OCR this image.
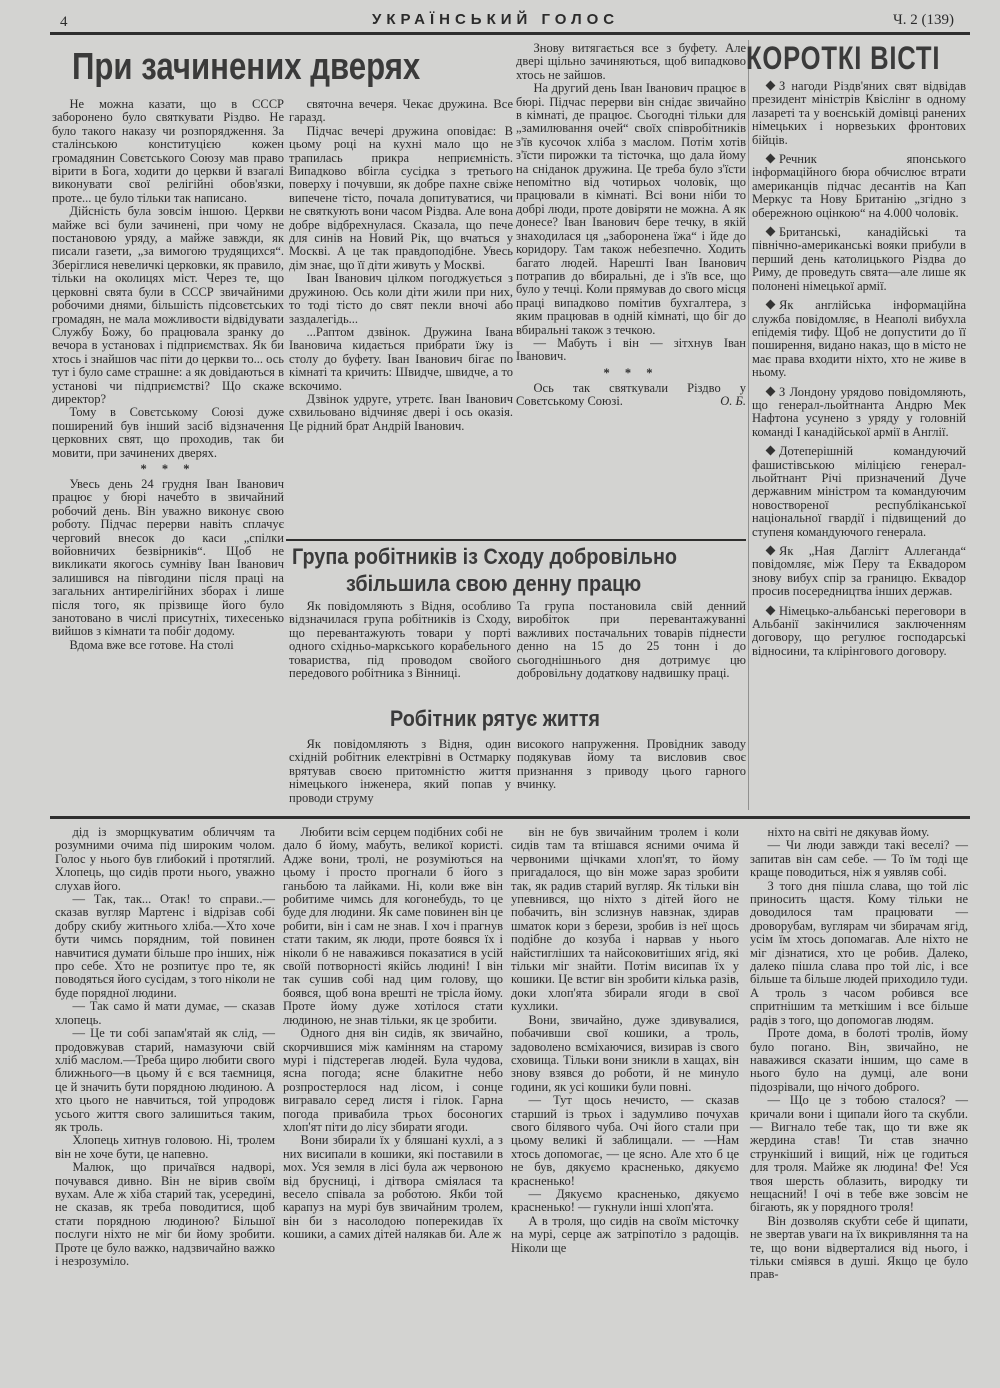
4	УКРАЇНСЬКИЙ ГОЛОС	Ч. 2 (139)
При зачинених дверях

Не можна казати, що в СССР заборонено було святкувати Різдво. Не було такого наказу чи розпорядження. За сталінською конституцією кожен громадянин Совєтського Союзу мав право вірити в Бога, ходити до церкви й взагалі виконувати свої релігійні обов'язки, проте... це було тільки так написано.

Дійсність була зовсім іншою. Церкви майже всі були зачинені, при чому не постановою уряду, а майже завжди, як писали газети, „за вимогою трудящихся“. Зберіглися невеличкі церковки, як правило, тільки на околицях міст. Через те, що церковні свята були в СССР звичайними робочими днями, більшість підсовєтських громадян, не мала можливости відвідувати Службу Божу, бо працювала зранку до вечора в установах і підприємствах. Як би хтось і знайшов час піти до церкви то... ось тут і було саме страшне: а як довідаються в установі чи підприємстві? Що скаже директор?

Тому в Совєтському Союзі дуже поширений був інший засіб відзначення церковних свят, що проходив, так би мовити, при зачинених дверях.

* * *

Увесь день 24 грудня Іван Іванович працює у бюрі начебто в звичайний робочий день. Він уважно виконує свою роботу. Підчас перерви навіть сплачує черговий внесок до каси „спілки войовничих безвірників“. Щоб не викликати якогось сумніву Іван Іванович залишився на півгодини після праці на загальних антирелігійних зборах і лише після того, як прізвище його було занотовано в числі присутніх, тихесенько вийшов з кімнати та побіг додому.

Вдома вже все готове. На столі

святочна вечеря. Чекає дружина. Все гаразд.

Підчас вечері дружина оповідає: В цьому році на кухні мало що не трапилась прикра неприємність. Випадково вбігла сусідка з третього поверху і почувши, як добре пахне свіже випечене тісто, почала допитуватися, чи не святкують вони часом Різдва. Але вона добре відбрехнулася. Сказала, що пече для синів на Новий Рік, що вчаться у Москві. А це так правдоподібне. Увесь дім знає, що її діти живуть у Москві.

Іван Іванович цілком погоджується з дружиною. Ось коли діти жили при них, то тоді тісто до свят пекли вночі або заздалегідь...

...Раптом дзвінок. Дружина Івана Івановича кидається прибрати їжу із столу до буфету. Іван Іванович бігає по кімнаті та кричить: Швидче, швидче, а то вскочимо.

Дзвінок удруге, утретє. Іван Іванович схвильовано відчиняє двері і ось оказія. Це рідний брат Андрій Іванович.

Знову витягається все з буфету. Але двері щільно зачиняються, щоб випадково хтось не зайшов.

На другий день Іван Іванович працює в бюрі. Підчас перерви він снідає звичайно в кімнаті, де працює. Сьогодні тільки для „замилювання очей“ своїх співробітників з'їв кусочок хліба з маслом. Потім хотів з'їсти пирожки та тісточка, що дала йому на сніданок дружина. Це треба було з'їсти непомітно від чотирьох чоловік, що працювали в кімнаті. Всі вони ніби то добрі люди, проте довіряти не можна. А як донесе? Іван Іванович бере течку, в якій знаходилася ця „заборонена їжа“ і йде до коридору. Там також небезпечно. Ходить багато людей. Нарешті Іван Іванович потрапив до вбиральні, де і з'їв все, що було у течці. Коли прямував до свого місця праці випадково помітив бухгалтера, з яким працював в одній кімнаті, що біг до вбиральні також з течкою.

— Мабуть і він — зітхнув Іван Іванович.

* * *

Ось так святкували Різдво у Совєтському Союзі.	О. Б.

КОРОТКІ ВІСТІ

З нагоди Різдв'яних свят відвідав президент міністрів Квіслінг в одному лазареті та у воєнській домівці ранених німецьких і норвезьких фронтових бійців.

Речник японського інформаційного бюра обчислює втрати американців підчас десантів на Кап Меркус та Нову Британію „згідно з обережною оцінкою“ на 4.000 чоловік.

Британські, канадійські та північно-американські вояки прибули в перший день католицького Різдва до Риму, де проведуть свята—але лише як полонені німецької армії.

Як англійська інформаційна служба повідомляє, в Неаполі вибухла епідемія тифу. Щоб не допустити до її поширення, видано наказ, що в місто не має права входити ніхто, хто не живе в ньому.

З Лондону урядово повідомляють, що генерал-льойтнанта Андрю Мек Нафтона усунено з уряду у головній команді І канадійської армії в Англії.

Дотеперішній командуючий фашистівською міліцією генерал-льойтнант Річі призначений Дуче державним міністром та командуючим новоствореної республіканської національної гвардії і підвищений до ступеня командуючого генерала.

Як „Ная Даглігт Аллеганда“ повідомляє, між Перу та Еквадором знову вибух спір за границю. Еквадор просив посередництва інших держав.

Німецько-альбанські переговори в Альбанії закінчилися заключенням договору, що регулює господарські відносини, та клірінгового договору.

Група робітників із Сходу добровільно
збільшила свою денну працю

Як повідомляють з Відня, особливо відзначилася група робітників із Сходу, що перевантажують товари у порті одного східньо-маркського корабельного товариства, під проводом свойого передового робітника з Вінниці.

Та група постановила свій денний виробіток при перевантажуванні важливих постачальних товарів піднести денно на 15 до 25 тонн і до сьогоднішнього дня дотримує цю добровільну додаткову надвишку праці.

Робітник рятує життя

Як повідомляють з Відня, один східній робітник електрівні в Остмарку врятував своєю притомністю життя німецького інженера, який попав у проводи струму

високого напруження. Провідник заводу подякував йому та висловив своє признання з приводу цього гарного вчинку.

дід із зморщкуватим обличчям та розумними очима під широким чолом. Голос у нього був глибокий і протяглий. Хлопець, що сидів проти нього, уважно слухав його.

— Так, так... Отак! то справи..— сказав вугляр Мартенс і відрізав собі добру скибу житнього хліба.—Хто хоче бути чимсь порядним, той повинен навчитися думати більше про інших, ніж про себе. Хто не розпитує про те, як поводяться його сусідам, з того ніколи не буде порядної людини.

— Так само й мати думає, — сказав хлопець.

— Це ти собі запам'ятай як слід, — продовжував старий, намазуючи свій хліб маслом.—Треба щиро любити свого ближнього—в цьому й є вся таємниця, це й значить бути порядною людиною. А хто цього не навчиться, той упродовж усього життя свого залишиться таким, як троль.

Хлопець хитнув головою. Ні, тролем він не хоче бути, це напевно.

Малюк, що причаївся надворі, почувався дивно. Він не вірив своїм вухам. Але ж хіба старий так, усередині, не сказав, як треба поводитися, щоб стати порядною людиною? Більшої послуги ніхто не міг би йому зробити. Проте це було важко, надзвичайно важко і незрозуміло.

Любити всім серцем подібних собі не дало б йому, мабуть, великої користі. Адже вони, тролі, не розуміються на цьому і просто прогнали б його з ганьбою та лайками. Ні, коли вже він робитиме чимсь для когонебудь, то це буде для людини. Як саме повинен він це робити, він і сам не знав. І хоч і прагнув стати таким, як люди, проте боявся їх і ніколи б не наважився показатися в усій своїй потворності якійсь людині! І він так сушив собі над цим голову, що боявся, щоб вона врешті не трісла йому. Проте йому дуже хотілося стати людиною, не знав тільки, як це зробити.

Одного дня він сидів, як звичайно, скорчившися між камінням на старому мурі і підстерегав людей. Була чудова, ясна погода; ясне блакитне небо розпростерлося над лісом, і сонце вигравало серед листя і гілок. Гарна погода привабила трьох босоногих хлоп'ят піти до лісу збирати ягоди.

Вони збирали їх у бляшані кухлі, а з них висипали в кошики, які поставили в мох. Уся земля в лісі була аж червоною від брусниці, і дітвора сміялася та весело співала за роботою. Якби той карапуз на мурі був звичайним тролем, він би з насолодою поперекидав їх кошики, а самих дітей налякав би. Але ж

він не був звичайним тролем і коли сидів там та втішався ясними очима й червоними щічками хлоп'ят, то йому пригадалося, що він може зараз зробити так, як радив старий вугляр. Як тільки він упевнився, що ніхто з дітей його не побачить, він зслизнув навзнак, здирав шматок кори з берези, зробив із неї щось подібне до козуба і нарвав у нього найстигліших та найсоковитіших ягід, які тільки міг знайти. Потім висипав їх у кошики. Це встиг він зробити кілька разів, доки хлоп'ята збирали ягоди в свої кухлики.

Вони, звичайно, дуже здивувалися, побачивши свої кошики, а троль, задоволено всміхаючися, визирав із свого сховища. Тільки вони зникли в хащах, він знову взявся до роботи, й не минуло години, як усі кошики були повні.

— Тут щось нечисто, — сказав старший із трьох і задумливо почухав свого білявого чуба. Очі його стали при цьому великі й заблищали. — —Нам хтось допомогає, — це ясно. Але хто б це не був, дякуємо красненько, дякуємо красненько!

— Дякуємо красненько, дякуємо красненько! — гукнули інші хлоп'ята.

А в троля, що сидів на своїм місточку на мурі, серце аж затріпотіло з радощів. Ніколи ще

ніхто на світі не дякував йому.

— Чи люди завжди такі веселі? — запитав він сам себе. — То їм тоді ще краще поводиться, ніж я уявляв собі.

З того дня пішла слава, що той ліс приносить щастя. Кому тільки не доводилося там працювати — дроворубам, вуглярам чи збирачам ягід, усім їм хтось допомагав. Але ніхто не міг дізнатися, хто це робив. Далеко, далеко пішла слава про той ліс, і все більше та більше людей приходило туди. А троль з часом робився все спритнішим та меткішим і все більше радів з того, що допомогав людям.

Проте дома, в болоті тролів, йому було погано. Він, звичайно, не наважився сказати іншим, що саме в нього було на думці, але вони підозрівали, що нічого доброго.

— Що це з тобою сталося? — кричали вони і щипали його та скубли. — Вигнало тебе так, що ти вже як жердина став! Ти став значно стрункіший і вищий, ніж це годиться для троля. Майже як людина! Фе! Уся твоя шерсть облазить, виродку ти нещасний! І очі в тебе вже зовсім не бігають, як у порядного троля!

Він дозволяв скубти себе й щипати, не звертав уваги на їх викривляння та на те, що вони відверталися від нього, і тільки сміявся в душі. Якщо це було прав-
